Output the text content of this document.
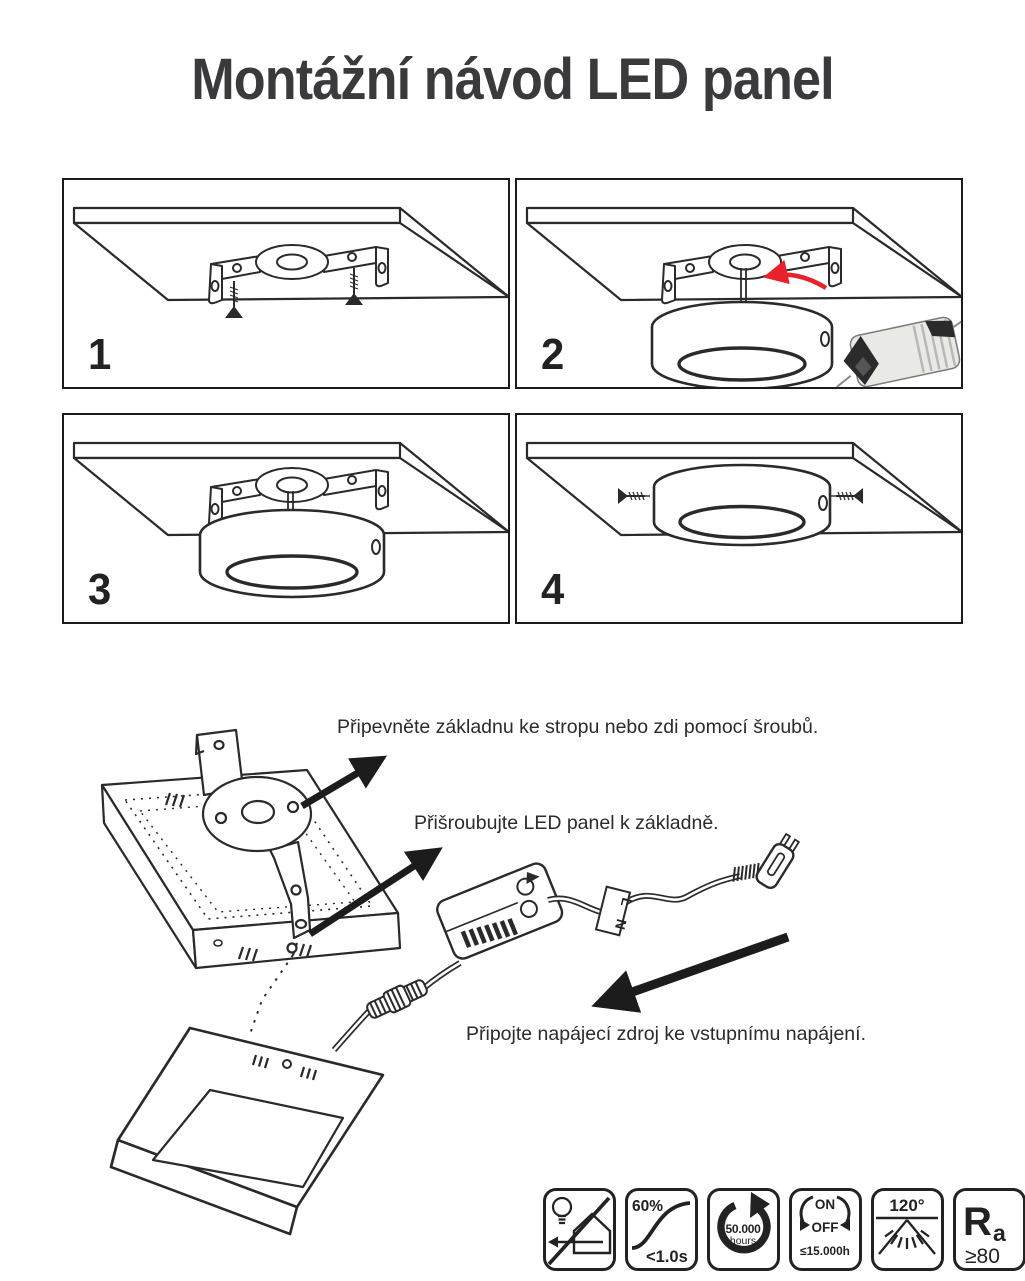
Montážní návod LED panel
1	2
3	4
L
N
Připevněte základnu ke stropu nebo zdi pomocí šroubů.
Přišroubujte LED panel k základně.
Připojte napájecí zdroj ke vstupnímu napájení.
60%
<1.0s
50.000
hours
ON
OFF
≤15.000h
120° R a
≥80
